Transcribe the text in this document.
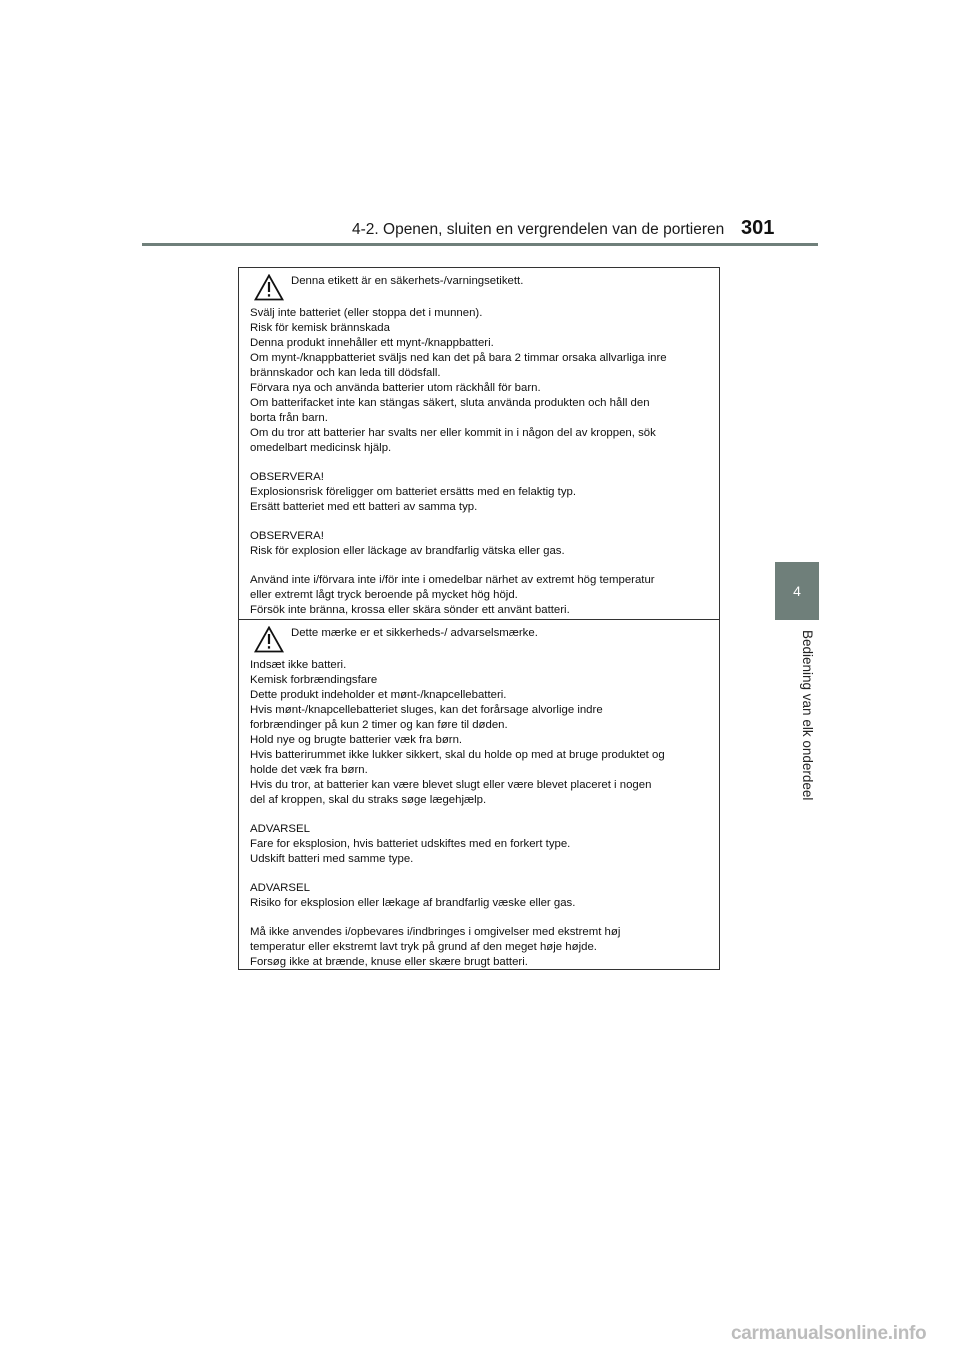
4-2. Openen, sluiten en vergrendelen van de portieren 301
4
Bediening van elk onderdeel
Denna etikett är en säkerhets-/varningsetikett.

Svälj inte batteriet (eller stoppa det i munnen).
Risk för kemisk brännskada
Denna produkt innehåller ett mynt-/knappbatteri.
Om mynt-/knappbatteriet sväljs ned kan det på bara 2 timmar orsaka allvarliga inre
brännskador och kan leda till dödsfall.
Förvara nya och använda batterier utom räckhåll för barn.
Om batterifacket inte kan stängas säkert, sluta använda produkten och håll den
borta från barn.
Om du tror att batterier har svalts ner eller kommit in i någon del av kroppen, sök
omedelbart medicinsk hjälp.

OBSERVERA!
Explosionsrisk föreligger om batteriet ersätts med en felaktig typ.
Ersätt batteriet med ett batteri av samma typ.

OBSERVERA!
Risk för explosion eller läckage av brandfarlig vätska eller gas.

Använd inte i/förvara inte i/för inte i omedelbar närhet av extremt hög temperatur
eller extremt lågt tryck beroende på mycket hög höjd.
Försök inte bränna, krossa eller skära sönder ett använt batteri.

Dette mærke er et sikkerheds-/ advarselsmærke.

Indsæt ikke batteri.
Kemisk forbrændingsfare
Dette produkt indeholder et mønt-/knapcellebatteri.
Hvis mønt-/knapcellebatteriet sluges, kan det forårsage alvorlige indre
forbrændinger på kun 2 timer og kan føre til døden.
Hold nye og brugte batterier væk fra børn.
Hvis batterirummet ikke lukker sikkert, skal du holde op med at bruge produktet og
holde det væk fra børn.
Hvis du tror, at batterier kan være blevet slugt eller være blevet placeret i nogen
del af kroppen, skal du straks søge lægehjælp.

ADVARSEL
Fare for eksplosion, hvis batteriet udskiftes med en forkert type.
Udskift batteri med samme type.

ADVARSEL
Risiko for eksplosion eller lækage af brandfarlig væske eller gas.

Må ikke anvendes i/opbevares i/indbringes i omgivelser med ekstremt høj
temperatur eller ekstremt lavt tryk på grund af den meget høje højde.
Forsøg ikke at brænde, knuse eller skære brugt batteri.

carmanualsonline.info
